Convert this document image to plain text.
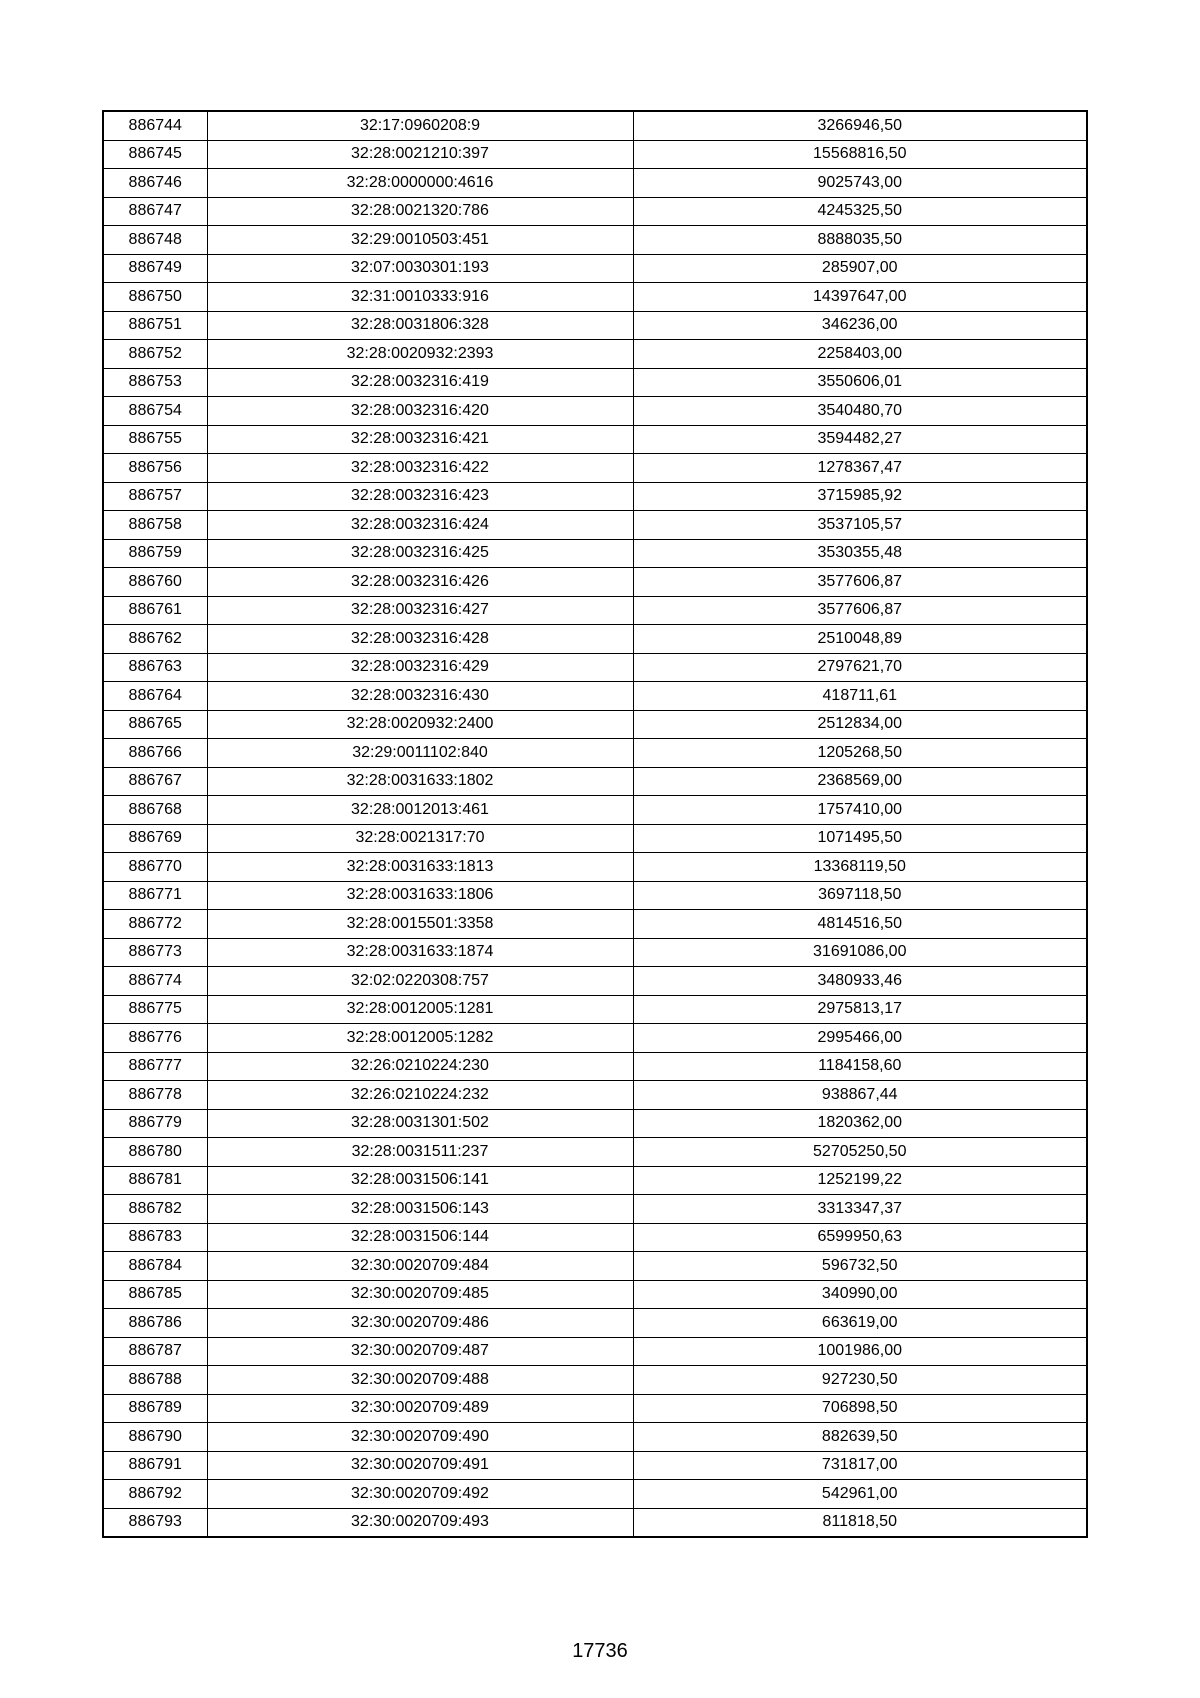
886744	32:17:0960208:9	3266946,50
886745	32:28:0021210:397	15568816,50
886746	32:28:0000000:4616	9025743,00
886747	32:28:0021320:786	4245325,50
886748	32:29:0010503:451	8888035,50
886749	32:07:0030301:193	285907,00
886750	32:31:0010333:916	14397647,00
886751	32:28:0031806:328	346236,00
886752	32:28:0020932:2393	2258403,00
886753	32:28:0032316:419	3550606,01
886754	32:28:0032316:420	3540480,70
886755	32:28:0032316:421	3594482,27
886756	32:28:0032316:422	1278367,47
886757	32:28:0032316:423	3715985,92
886758	32:28:0032316:424	3537105,57
886759	32:28:0032316:425	3530355,48
886760	32:28:0032316:426	3577606,87
886761	32:28:0032316:427	3577606,87
886762	32:28:0032316:428	2510048,89
886763	32:28:0032316:429	2797621,70
886764	32:28:0032316:430	418711,61
886765	32:28:0020932:2400	2512834,00
886766	32:29:0011102:840	1205268,50
886767	32:28:0031633:1802	2368569,00
886768	32:28:0012013:461	1757410,00
886769	32:28:0021317:70	1071495,50
886770	32:28:0031633:1813	13368119,50
886771	32:28:0031633:1806	3697118,50
886772	32:28:0015501:3358	4814516,50
886773	32:28:0031633:1874	31691086,00
886774	32:02:0220308:757	3480933,46
886775	32:28:0012005:1281	2975813,17
886776	32:28:0012005:1282	2995466,00
886777	32:26:0210224:230	1184158,60
886778	32:26:0210224:232	938867,44
886779	32:28:0031301:502	1820362,00
886780	32:28:0031511:237	52705250,50
886781	32:28:0031506:141	1252199,22
886782	32:28:0031506:143	3313347,37
886783	32:28:0031506:144	6599950,63
886784	32:30:0020709:484	596732,50
886785	32:30:0020709:485	340990,00
886786	32:30:0020709:486	663619,00
886787	32:30:0020709:487	1001986,00
886788	32:30:0020709:488	927230,50
886789	32:30:0020709:489	706898,50
886790	32:30:0020709:490	882639,50
886791	32:30:0020709:491	731817,00
886792	32:30:0020709:492	542961,00
886793	32:30:0020709:493	811818,50
17736
